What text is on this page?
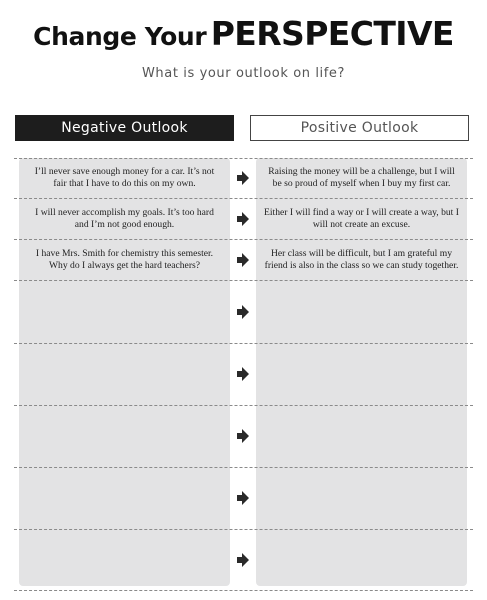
Change Your PERSPECTIVE
What is your outlook on life?
Negative Outlook	Positive Outlook
I’ll never save enough money for a car. It’s not fair that I have to do this on my own.
Raising the money will be a challenge, but I will be so proud of myself when I buy my first car.
I will never accomplish my goals. It’s too hard and I’m not good enough.
Either I will find a way or I will create a way, but I will not create an excuse.
I have Mrs. Smith for chemistry this semester. Why do I always get the hard teachers?
Her class will be difficult, but I am grateful my friend is also in the class so we can study together.
